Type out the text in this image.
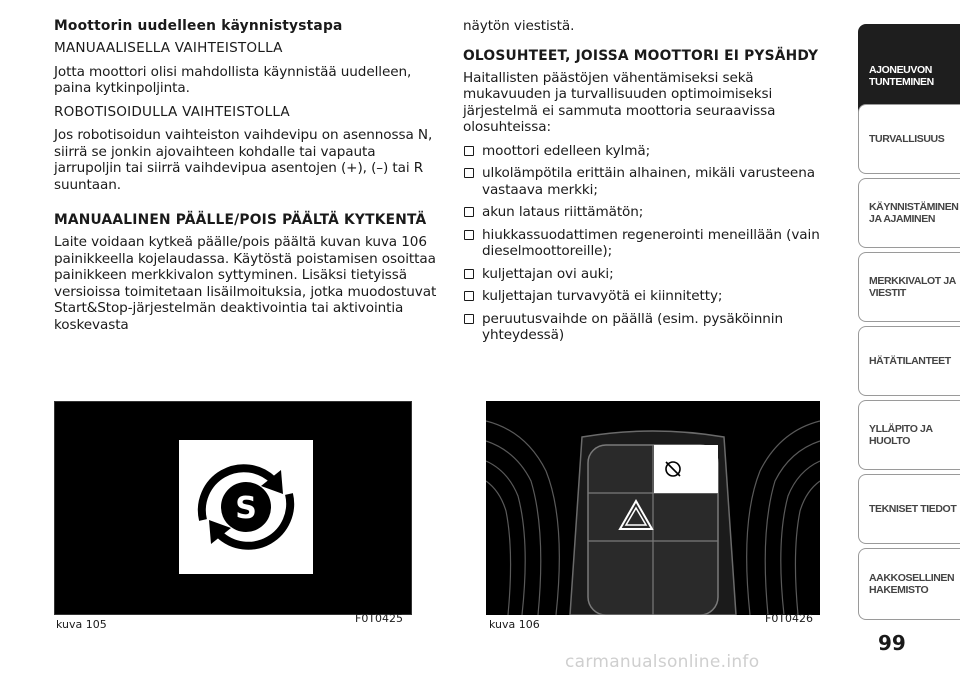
Moottorin uudelleen käynnistystapa

MANUAALISELLA VAIHTEISTOLLA

Jotta moottori olisi mahdollista käynnistää uudelleen, paina kytkinpoljinta.

ROBOTISOIDULLA VAIHTEISTOLLA

Jos robotisoidun vaihteiston vaihdevipu on asennossa N, siirrä se jonkin ajovaihteen kohdalle tai vapauta jarrupoljin tai siirrä vaihdevipua asentojen (+), (–) tai R suuntaan.

MANUAALINEN PÄÄLLE/POIS PÄÄLTÄ KYTKENTÄ

Laite voidaan kytkeä päälle/pois päältä kuvan kuva 106 painikkeella kojelaudassa. Käytöstä poistamisen osoittaa painikkeen merkkivalon syttyminen. Lisäksi tietyissä versioissa toimitetaan lisäilmoituksia, jotka muodostuvat Start&Stop-järjestelmän deaktivointia tai aktivointia koskevasta

näytön viestistä.

OLOSUHTEET, JOISSA MOOTTORI EI PYSÄHDY

Haitallisten päästöjen vähentämiseksi sekä mukavuuden ja turvallisuuden optimoimiseksi järjestelmä ei sammuta moottoria seuraavissa olosuhteissa:

moottori edelleen kylmä;
ulkolämpötila erittäin alhainen, mikäli varusteena vastaava merkki;
akun lataus riittämätön;
hiukkassuodattimen regenerointi meneillään (vain dieselmoottoreille);
kuljettajan ovi auki;
kuljettajan turvavyötä ei kiinnitetty;
peruutusvaihde on päällä (esim. pysäköinnin yhteydessä)
S
kuva 105	F0T0425	kuva 106	F0T0426
AJONEUVON TUNTEMINEN
TURVALLISUUS
KÄYNNISTÄMINEN JA AJAMINEN
MERKKIVALOT JA VIESTIT
HÄTÄTILANTEET
YLLÄPITO JA HUOLTO
TEKNISET TIEDOT
AAKKOSELLINEN HAKEMISTO
99
carmanualsonline.info
